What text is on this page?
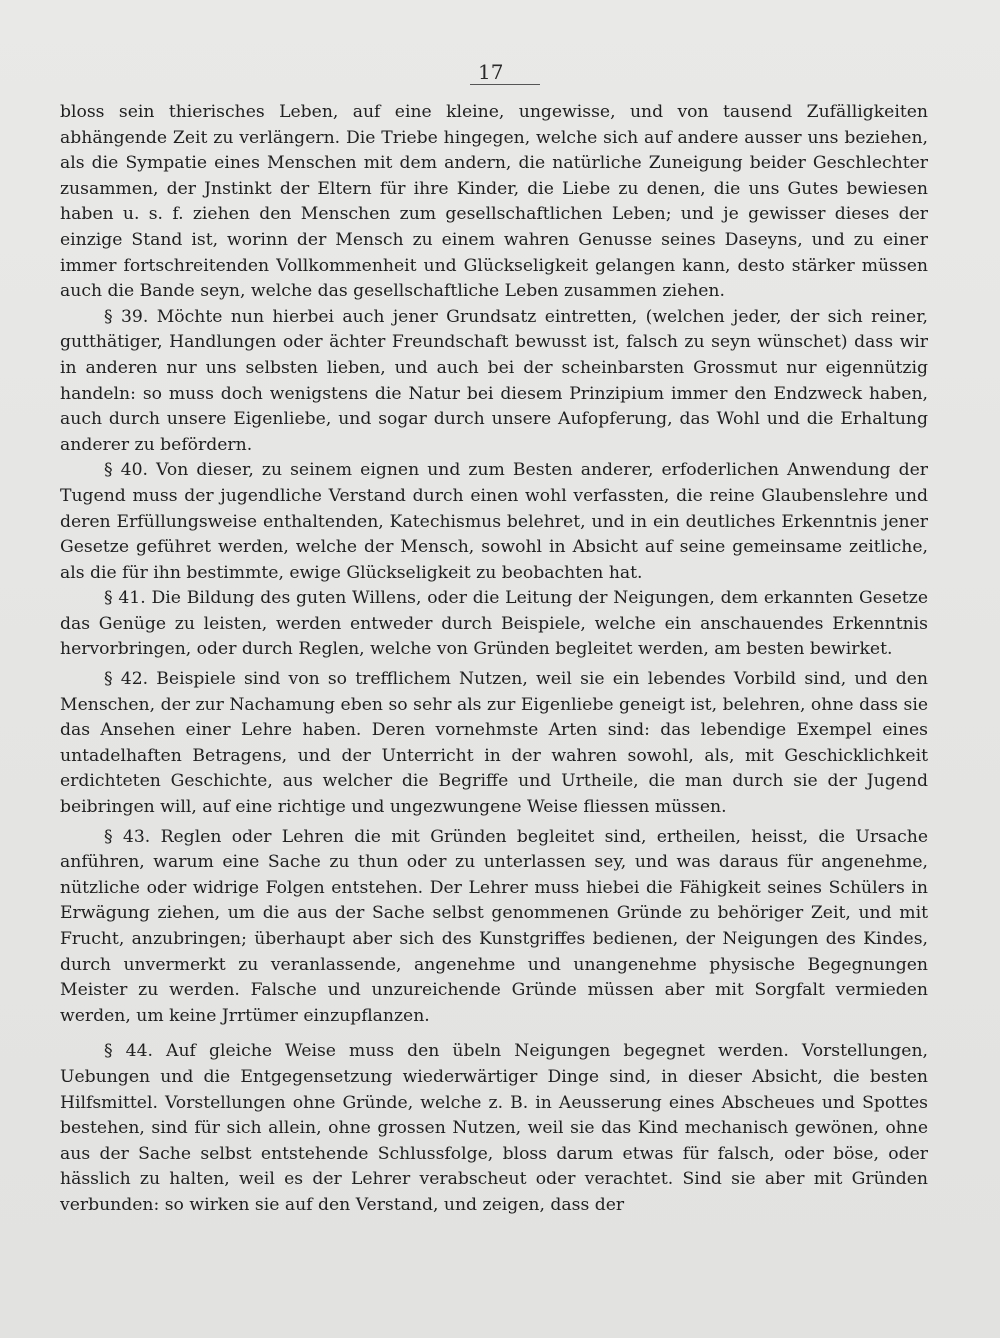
17

bloss sein thierisches Leben, auf eine kleine, ungewisse, und von tausend Zufälligkeiten abhängende Zeit zu verlängern. Die Triebe hingegen, welche sich auf andere ausser uns beziehen, als die Sympatie eines Menschen mit dem andern, die natürliche Zuneigung beider Geschlechter zusammen, der Jnstinkt der Eltern für ihre Kinder, die Liebe zu denen, die uns Gutes bewiesen haben u. s. f. ziehen den Menschen zum gesellschaftlichen Leben; und je gewisser dieses der einzige Stand ist, worinn der Mensch zu einem wahren Genusse seines Daseyns, und zu einer immer fortschreitenden Vollkommenheit und Glückseligkeit gelangen kann, desto stärker müssen auch die Bande seyn, welche das gesellschaftliche Leben zusammen ziehen.

§ 39. Möchte nun hierbei auch jener Grundsatz eintretten, (welchen jeder, der sich reiner, gutthätiger, Handlungen oder ächter Freundschaft bewusst ist, falsch zu seyn wünschet) dass wir in anderen nur uns selbsten lieben, und auch bei der scheinbarsten Grossmut nur eigennützig handeln: so muss doch wenigstens die Natur bei diesem Prinzipium immer den Endzweck haben, auch durch unsere Eigenliebe, und sogar durch unsere Aufopferung, das Wohl und die Erhaltung anderer zu befördern.

§ 40. Von dieser, zu seinem eignen und zum Besten anderer, erfoderlichen Anwendung der Tugend muss der jugendliche Verstand durch einen wohl verfassten, die reine Glaubenslehre und deren Erfüllungsweise enthaltenden, Katechismus belehret, und in ein deutliches Erkenntnis jener Gesetze geführet werden, welche der Mensch, sowohl in Absicht auf seine gemeinsame zeitliche, als die für ihn bestimmte, ewige Glückseligkeit zu beobachten hat.

§ 41. Die Bildung des guten Willens, oder die Leitung der Neigungen, dem erkannten Gesetze das Genüge zu leisten, werden entweder durch Beispiele, welche ein anschauendes Erkenntnis hervorbringen, oder durch Reglen, welche von Gründen begleitet werden, am besten bewirket.

§ 42. Beispiele sind von so trefflichem Nutzen, weil sie ein lebendes Vorbild sind, und den Menschen, der zur Nachamung eben so sehr als zur Eigenliebe geneigt ist, belehren, ohne dass sie das Ansehen einer Lehre haben. Deren vornehmste Arten sind: das lebendige Exempel eines untadelhaften Betragens, und der Unterricht in der wahren sowohl, als, mit Geschicklichkeit erdichteten Geschichte, aus welcher die Begriffe und Urtheile, die man durch sie der Jugend beibringen will, auf eine richtige und ungezwungene Weise fliessen müssen.

§ 43. Reglen oder Lehren die mit Gründen begleitet sind, ertheilen, heisst, die Ursache anführen, warum eine Sache zu thun oder zu unterlassen sey, und was daraus für angenehme, nützliche oder widrige Folgen entstehen. Der Lehrer muss hiebei die Fähigkeit seines Schülers in Erwägung ziehen, um die aus der Sache selbst genommenen Gründe zu behöriger Zeit, und mit Frucht, anzubringen; überhaupt aber sich des Kunstgriffes bedienen, der Neigungen des Kindes, durch unvermerkt zu veranlassende, angenehme und unangenehme physische Begegnungen Meister zu werden. Falsche und unzureichende Gründe müssen aber mit Sorgfalt vermieden werden, um keine Jrrtümer einzupflanzen.

§ 44. Auf gleiche Weise muss den übeln Neigungen begegnet werden. Vorstellungen, Uebungen und die Entgegensetzung wiederwärtiger Dinge sind, in dieser Absicht, die besten Hilfsmittel. Vorstellungen ohne Gründe, welche z. B. in Aeusserung eines Abscheues und Spottes bestehen, sind für sich allein, ohne grossen Nutzen, weil sie das Kind mechanisch gewönen, ohne aus der Sache selbst entstehende Schlussfolge, bloss darum etwas für falsch, oder böse, oder hässlich zu halten, weil es der Lehrer verabscheut oder verachtet. Sind sie aber mit Gründen verbunden: so wirken sie auf den Verstand, und zeigen, dass der
